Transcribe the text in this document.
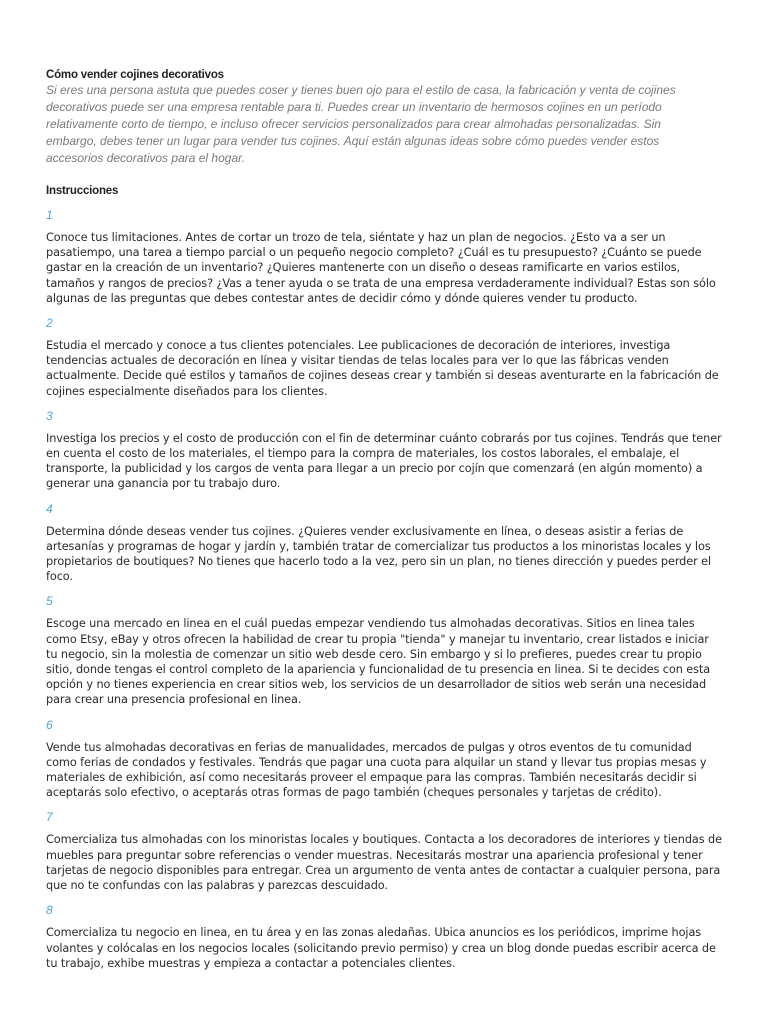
Cómo vender cojines decorativos
Si eres una persona astuta que puedes coser y tienes buen ojo para el estilo de casa, la fabricación y venta de cojines decorativos puede ser una empresa rentable para ti. Puedes crear un inventario de hermosos cojines en un período relativamente corto de tiempo, e incluso ofrecer servicios personalizados para crear almohadas personalizadas. Sin embargo, debes tener un lugar para vender tus cojines. Aquí están algunas ideas sobre cómo puedes vender estos accesorios decorativos para el hogar.
Instrucciones
1
Conoce tus limitaciones. Antes de cortar un trozo de tela, siéntate y haz un plan de negocios. ¿Esto va a ser un pasatiempo, una tarea a tiempo parcial o un pequeño negocio completo? ¿Cuál es tu presupuesto? ¿Cuánto se puede gastar en la creación de un inventario? ¿Quieres mantenerte con un diseño o deseas ramificarte en varios estilos, tamaños y rangos de precios? ¿Vas a tener ayuda o se trata de una empresa verdaderamente individual? Estas son sólo algunas de las preguntas que debes contestar antes de decidir cómo y dónde quieres vender tu producto.
2
Estudia el mercado y conoce a tus clientes potenciales. Lee publicaciones de decoración de interiores, investiga tendencias actuales de decoración en línea y visitar tiendas de telas locales para ver lo que las fábricas venden actualmente. Decide qué estilos y tamaños de cojines deseas crear y también si deseas aventurarte en la fabricación de cojines especialmente diseñados para los clientes.
3
Investiga los precios y el costo de producción con el fin de determinar cuánto cobrarás por tus cojines. Tendrás que tener en cuenta el costo de los materiales, el tiempo para la compra de materiales, los costos laborales, el embalaje, el transporte, la publicidad y los cargos de venta para llegar a un precio por cojín que comenzará (en algún momento) a generar una ganancia por tu trabajo duro.
4
Determina dónde deseas vender tus cojines. ¿Quieres vender exclusivamente en línea, o deseas asistir a ferias de artesanías y programas de hogar y jardín y, también tratar de comercializar tus productos a los minoristas locales y los propietarios de boutiques? No tienes que hacerlo todo a la vez, pero sin un plan, no tienes dirección y puedes perder el foco.
5
Escoge una mercado en linea en el cuál puedas empezar vendiendo tus almohadas decorativas. Sitios en linea tales como Etsy, eBay y otros ofrecen la habilidad de crear tu propia "tienda" y manejar tu inventario, crear listados e iniciar tu negocio, sin la molestia de comenzar un sitio web desde cero. Sin embargo y si lo prefieres, puedes crear tu propio sitio, donde tengas el control completo de la apariencia y funcionalidad de tu presencia en linea. Si te decides con esta opción y no tienes experiencia en crear sitios web, los servicios de un desarrollador de sitios web serán una necesidad para crear una presencia profesional en linea.
6
Vende tus almohadas decorativas en ferias de manualidades, mercados de pulgas y otros eventos de tu comunidad como ferias de condados y festivales. Tendrás que pagar una cuota para alquilar un stand y llevar tus propias mesas y materiales de exhibición, así como necesitarás proveer el empaque para las compras. También necesitarás decidir si aceptarás solo efectivo, o aceptarás otras formas de pago también (cheques personales y tarjetas de crédito).
7
Comercializa tus almohadas con los minoristas locales y boutiques. Contacta a los decoradores de interiores y tiendas de muebles para preguntar sobre referencias o vender muestras. Necesitarás mostrar una apariencia profesional y tener tarjetas de negocio disponibles para entregar. Crea un argumento de venta antes de contactar a cualquier persona, para que no te confundas con las palabras y parezcas descuidado.
8
Comercializa tu negocio en linea, en tu área y en las zonas aledañas. Ubica anuncios es los periódicos, imprime hojas volantes y colócalas en los negocios locales (solicitando previo permiso) y crea un blog donde puedas escribir acerca de tu trabajo, exhibe muestras y empieza a contactar a potenciales clientes.
